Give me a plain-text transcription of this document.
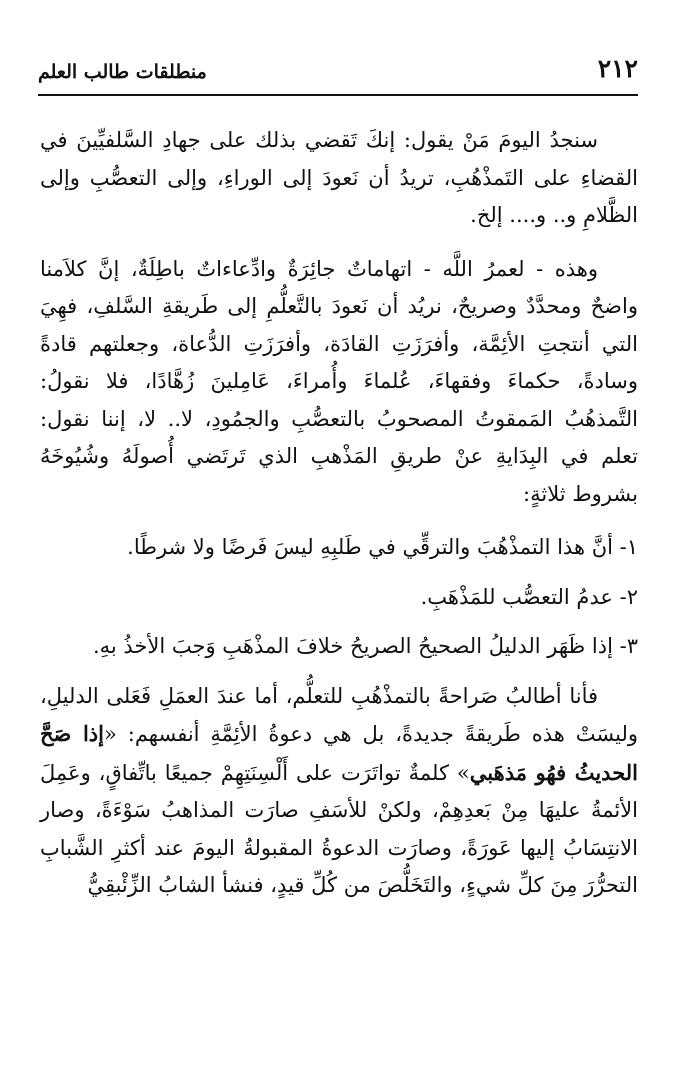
٢١٢
منطلقات طالب العلم

سنجدُ اليومَ مَنْ يقول: إنكَ تَقضي بذلك على جهادِ السَّلفيِّينَ في القضاءِ على التَمذْهُبِ، تريدُ أن نَعودَ إلى الوراءِ، وإلى التعصُّبِ وإلى الظَّلامِ و.. و.... إلخ.

وهذه - لعمرُ اللَّه - اتهاماتٌ جائِرَةٌ وادِّعاءاتٌ باطِلَةٌ، إنَّ كلاَمنا واضحٌ ومحدَّدٌ وصريحٌ، نريُد أن نَعودَ بالتَّعلُّمِ إلى طَريقةِ السَّلفِ، فهِيَ التي أنتجتِ الأئِمَّة، وأفرَزَتِ القادَة، وأفرَزَتِ الدُّعاة، وجعلتهم قادةً وسادةً، حكماءَ وفقهاءَ، عُلماءَ وأُمراءَ، عَامِلينَ زُهَّادًا، فلا نقولُ: التَّمذهُبُ المَمقوتُ المصحوبُ بالتعصُّبِ والجمُودِ، لا.. لا، إننا نقول: تعلم في البِدَايةِ عنْ طريقِ المَذْهبِ الذي تَرتَضي أُصولَهُ وشُيُوخَهُ بشروط ثلاثةٍ:

١- أنَّ هذا التمذْهُبَ والترقِّي في طَلبِهِ ليسَ فَرضًا ولا شرطًا.

٢- عدمُ التعصُّب للمَذْهَبِ.

٣- إذا ظَهَر الدليلُ الصحيحُ الصريحُ خلافَ المذْهَبِ وَجبَ الأخذُ بهِ.

فأنا أطالبُ صَراحةً بالتمذْهُبِ للتعلُّم، أما عندَ العمَلِ فَعَلى الدليلِ، وليسَتْ هذه طَريقةً جديدةً، بل هي دعوةُ الأئِمَّةِ أنفسهم: «إذا صَحَّ الحديثُ فهُو مَذهَبي» كلمةٌ تواتَرَت على أَلْسِنَتِهِمْ جميعًا باتِّفاقٍ، وعَمِلَ الأئمةُ عليهَا مِنْ بَعدِهِمْ، ولكنْ للأسَفِ صارَت المذاهبُ سَوْءَةً، وصار الانتِسَابُ إليها عَورَةً، وصارَت الدعوةُ المقبولةُ اليومَ عند أكثرِ الشَّبابِ التحرُّرَ مِنَ كلِّ شيءٍ، والتَخَلُّصَ من كُلِّ قيدٍ، فنشأ الشابُ الزِّئْبقِيُّ
